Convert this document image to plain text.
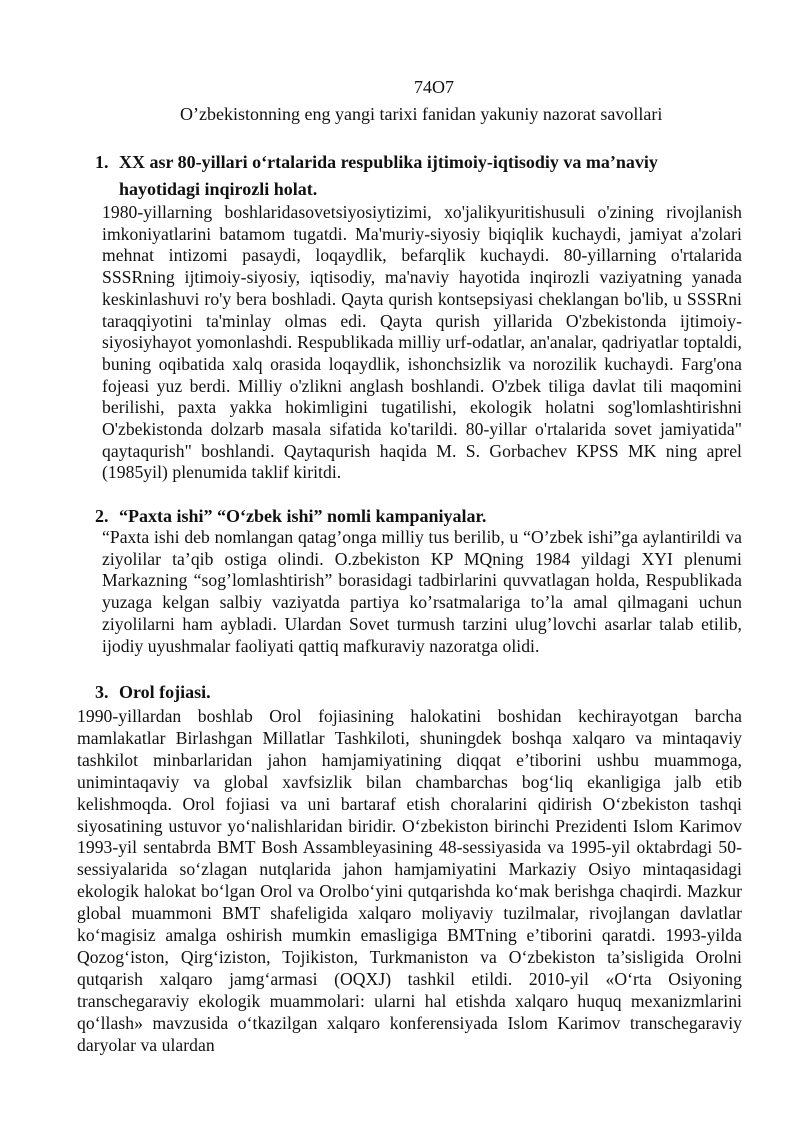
74O7
O’zbekistonning eng yangi tarixi fanidan yakuniy nazorat savollari
1. XX asr 80-yillari oʻrtalarida respublika ijtimoiy-iqtisodiy va ma’naviy hayotidagi inqirozli holat.

1980-yillarning boshlaridasovetsiyosiytizimi, xo'jalikyuritishusuli o'zining rivojlanish imkoniyatlarini batamom tugatdi. Ma'muriy-siyosiy biqiqlik kuchaydi, jamiyat a'zolari mehnat intizomi pasaydi, loqaydlik, befarqlik kuchaydi. 80-yillarning o'rtalarida SSSRning ijtimoiy-siyosiy, iqtisodiy, ma'naviy hayotida inqirozli vaziyatning yanada keskinlashuvi ro'y bera boshladi. Qayta qurish kontsepsiyasi cheklangan bo'lib, u SSSRni taraqqiyotini ta'minlay olmas edi. Qayta qurish yillarida O'zbekistonda ijtimoiy-siyosiyhayot yomonlashdi. Respublikada milliy urf-odatlar, an'analar, qadriyatlar toptaldi, buning oqibatida xalq orasida loqaydlik, ishonchsizlik va norozilik kuchaydi. Farg'ona fojeasi yuz berdi. Milliy o'zlikni anglash boshlandi. O'zbek tiliga davlat tili maqomini berilishi, paxta yakka hokimligini tugatilishi, ekologik holatni sog'lomlashtirishni O'zbekistonda dolzarb masala sifatida ko'tarildi. 80-yillar o'rtalarida sovet jamiyatida" qaytaqurish" boshlandi. Qaytaqurish haqida M. S. Gorbachev KPSS MK ning aprel (1985yil) plenumida taklif kiritdi.

2. “Paxta ishi” “Oʻzbek ishi” nomli kampaniyalar.

“Paxta ishi deb nomlangan qatag’onga milliy tus berilib, u “O’zbek ishi”ga aylantirildi va ziyolilar ta’qib ostiga olindi. O.zbekiston KP MQning 1984 yildagi XYI plenumi Markazning “sog’lomlashtirish” borasidagi tadbirlarini quvvatlagan holda, Respublikada yuzaga kelgan salbiy vaziyatda partiya ko’rsatmalariga to’la amal qilmagani uchun ziyolilarni ham aybladi. Ulardan Sovet turmush tarzini ulug’lovchi asarlar talab etilib, ijodiy uyushmalar faoliyati qattiq mafkuraviy nazoratga olidi.

3. Orol fojiasi.

1990-yillardan boshlab Orol fojiasining halokatini boshidan kechirayotgan barcha mamlakatlar Birlashgan Millatlar Tashkiloti, shuningdek boshqa xalqaro va mintaqaviy tashkilot minbarlaridan jahon hamjamiyatining diqqat e’tiborini ushbu muammoga, unimintaqaviy va global xavfsizlik bilan chambarchas bogʻliq ekanligiga jalb etib kelishmoqda. Orol fojiasi va uni bartaraf etish choralarini qidirish Oʻzbekiston tashqi siyosatining ustuvor yoʻnalishlaridan biridir. Oʻzbekiston birinchi Prezidenti Islom Karimov 1993-yil sentabrda BMT Bosh Assambleyasining 48-sessiyasida va 1995-yil oktabrdagi 50-sessiyalarida soʻzlagan nutqlarida jahon hamjamiyatini Markaziy Osiyo mintaqasidagi ekologik halokat boʻlgan Orol va Orolboʻyini qutqarishda koʻmak berishga chaqirdi. Mazkur global muammoni BMT shafeligida xalqaro moliyaviy tuzilmalar, rivojlangan davlatlar koʻmagisiz amalga oshirish mumkin emasligiga BMTning e’tiborini qaratdi. 1993-yilda Qozogʻiston, Qirgʻiziston, Tojikiston, Turkmaniston va Oʻzbekiston ta’sisligida Orolni qutqarish xalqaro jamgʻarmasi (OQXJ) tashkil etildi. 2010-yil «Oʻrta Osiyoning transchegaraviy ekologik muammolari: ularni hal etishda xalqaro huquq mexanizmlarini qoʻllash» mavzusida oʻtkazilgan xalqaro konferensiyada Islom Karimov transchegaraviy daryolar va ulardan
